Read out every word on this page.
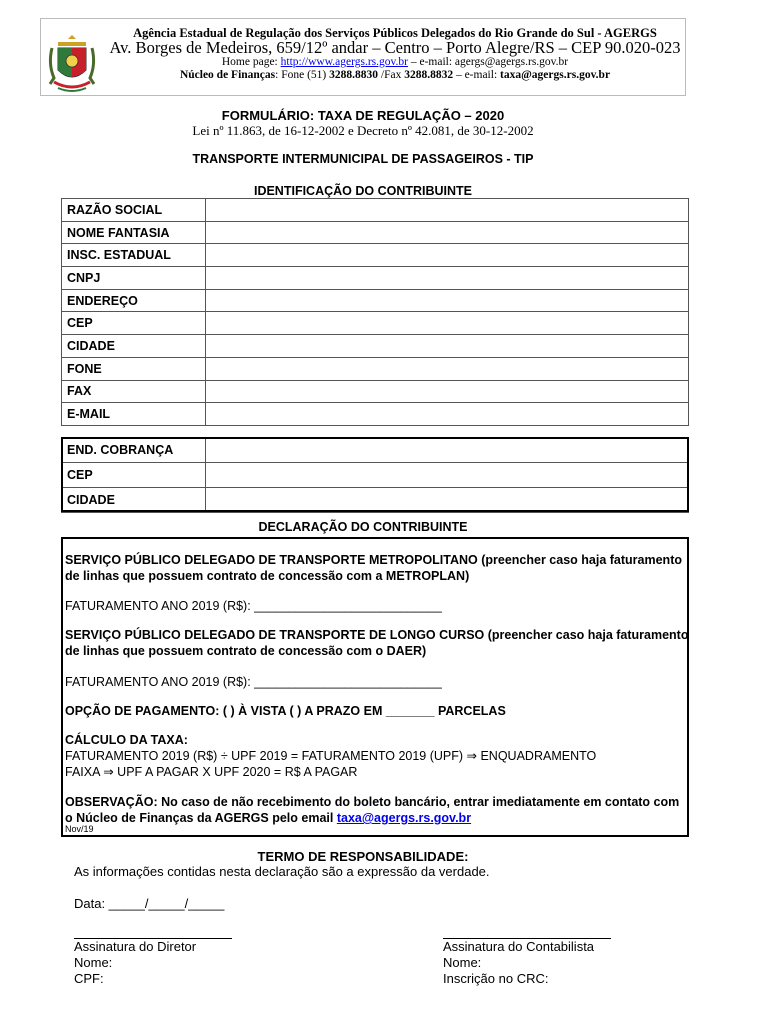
Agência Estadual de Regulação dos Serviços Públicos Delegados do Rio Grande do Sul - AGERGS
Av. Borges de Medeiros, 659/12º andar – Centro – Porto Alegre/RS – CEP 90.020-023
Home page: http://www.agergs.rs.gov.br – e-mail: agergs@agergs.rs.gov.br
Núcleo de Finanças: Fone (51) 3288.8830 /Fax 3288.8832 – e-mail: taxa@agergs.rs.gov.br
FORMULÁRIO: TAXA DE REGULAÇÃO – 2020
Lei nº 11.863, de 16-12-2002 e Decreto nº 42.081, de 30-12-2002
TRANSPORTE INTERMUNICIPAL DE PASSAGEIROS - TIP
IDENTIFICAÇÃO DO CONTRIBUINTE
RAZÃO SOCIAL	
NOME FANTASIA	
INSC. ESTADUAL	
CNPJ	
ENDEREÇO	
CEP	
CIDADE	
FONE	
FAX	
E-MAIL	
END. COBRANÇA	
CEP	
CIDADE	
DECLARAÇÃO DO CONTRIBUINTE
SERVIÇO PÚBLICO DELEGADO DE TRANSPORTE METROPOLITANO (preencher caso haja faturamento de linhas que possuem contrato de concessão com a METROPLAN)
FATURAMENTO ANO 2019 (R$): ___________________________
SERVIÇO PÚBLICO DELEGADO DE TRANSPORTE DE LONGO CURSO (preencher caso haja faturamento de linhas que possuem contrato de concessão com o DAER)
FATURAMENTO ANO 2019 (R$): ___________________________
OPÇÃO DE PAGAMENTO: ( ) À VISTA ( ) A PRAZO EM _______ PARCELAS
CÁLCULO DA TAXA:
FATURAMENTO 2019 (R$) ÷ UPF 2019 = FATURAMENTO 2019 (UPF) ⇒ ENQUADRAMENTO
FAIXA ⇒ UPF A PAGAR X UPF 2020 = R$ A PAGAR
OBSERVAÇÃO: No caso de não recebimento do boleto bancário, entrar imediatamente em contato com o Núcleo de Finanças da AGERGS pelo email taxa@agergs.rs.gov.br
Nov/19
TERMO DE RESPONSABILIDADE:
As informações contidas nesta declaração são a expressão da verdade.
Data: _____/_____/_____
Assinatura do Diretor
Nome:
CPF:
Assinatura do Contabilista
Nome:
Inscrição no CRC:
